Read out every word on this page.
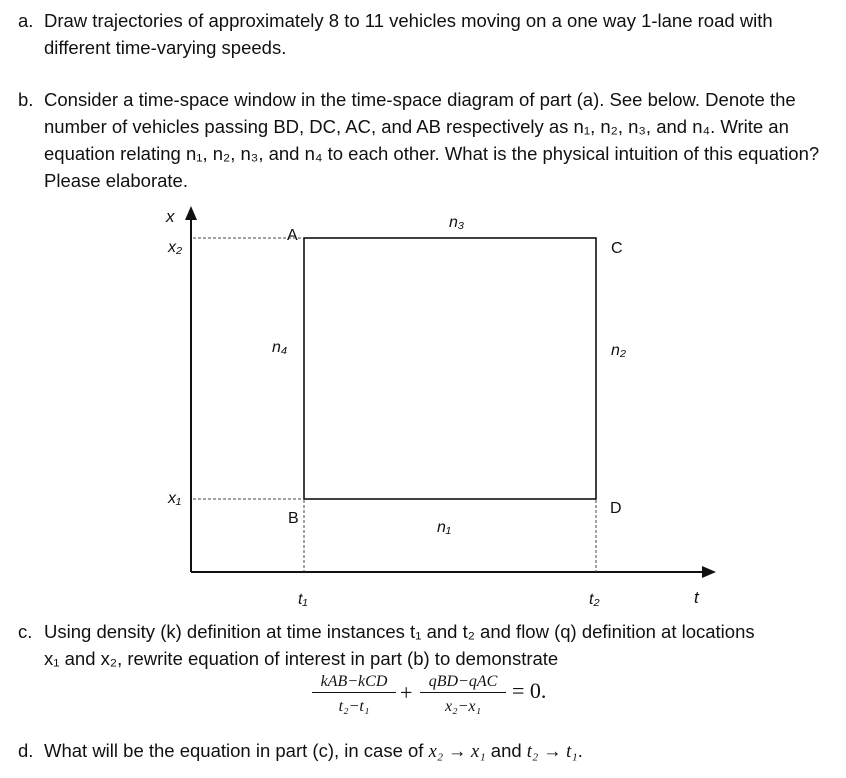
a. Draw trajectories of approximately 8 to 11 vehicles moving on a one way 1-lane road with different time-varying speeds.

b. Consider a time-space window in the time-space diagram of part (a). See below. Denote the number of vehicles passing BD, DC, AC, and AB respectively as n₁, n₂, n₃, and n₄. Write an equation relating n₁, n₂, n₃, and n₄ to each other. What is the physical intuition of this equation? Please elaborate.

x
x₂
x₁
t₁	t₂	t
A
B
C
D
n₃
n₄	n₂
n₁
c. Using density (k) definition at time instances t₁ and t₂ and flow (q) definition at locations

x₁ and x₂, rewrite equation of interest in part (b) to demonstrate

kAB−kCD
t₂−t₁
+	qBD−qAC
x₂−x₁
= 0.
d. What will be the equation in part (c), in case of x₂ → x₁ and t₂ → t₁.
